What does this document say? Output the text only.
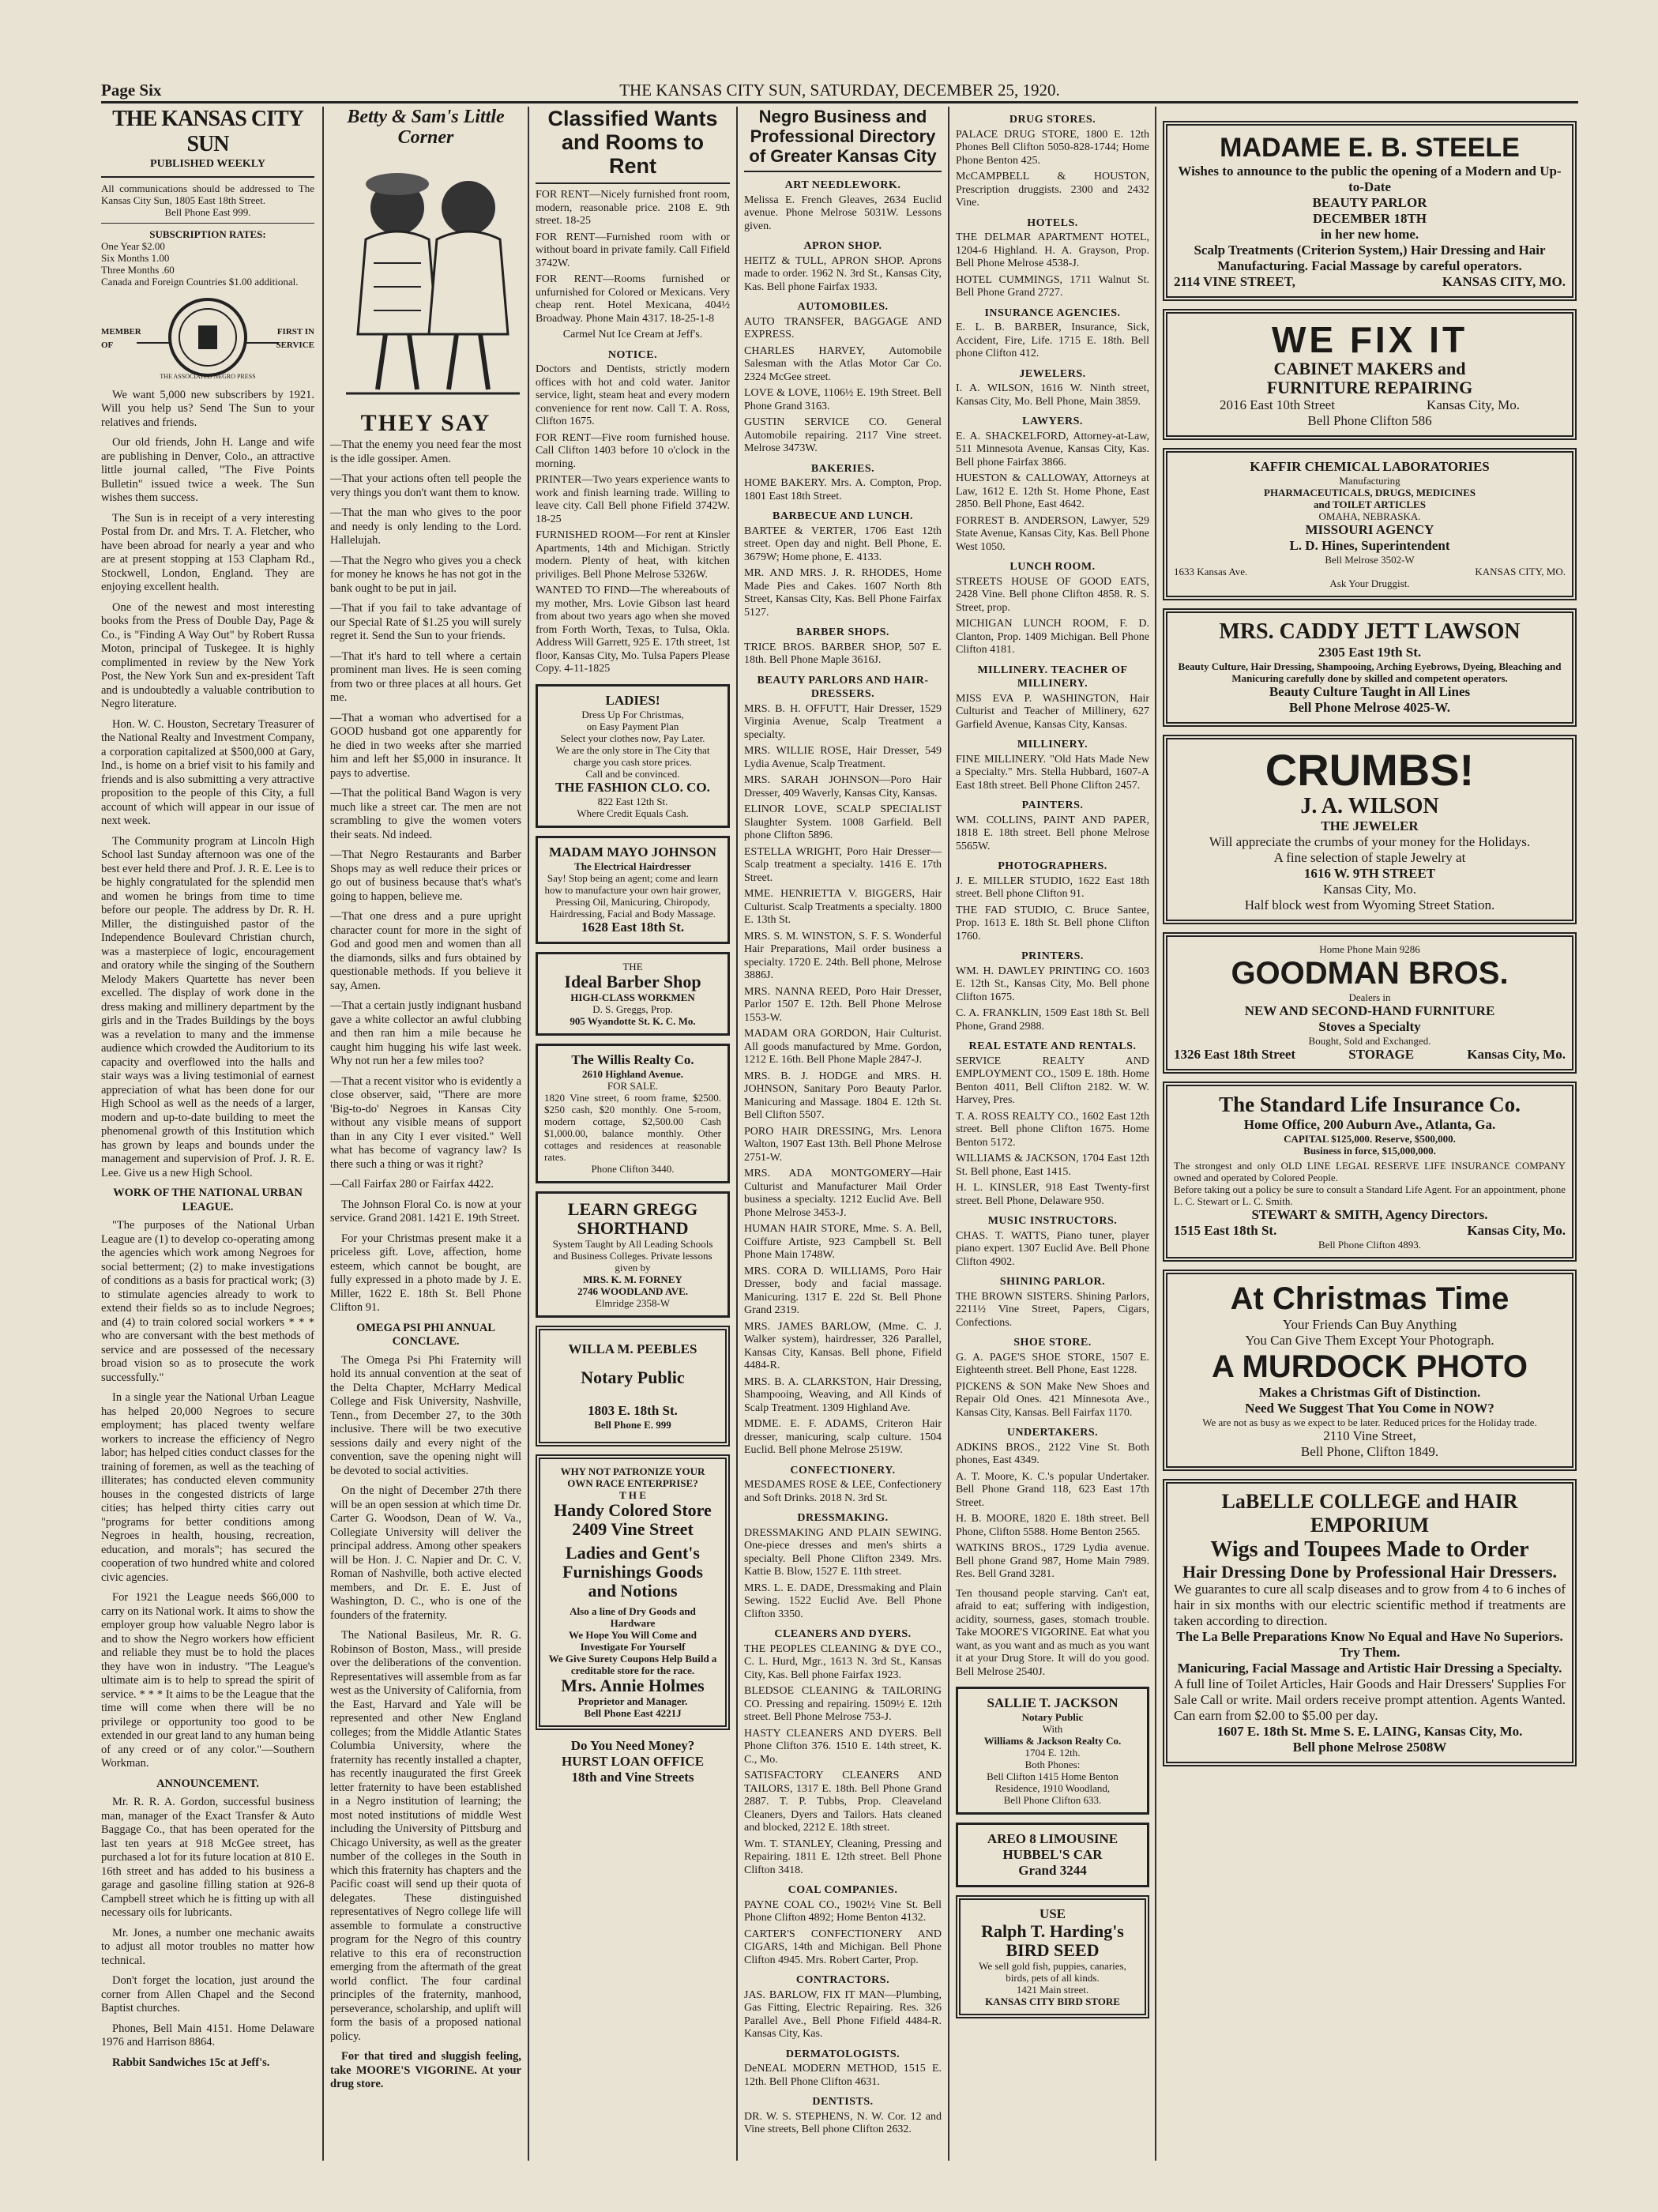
Page Six	THE KANSAS CITY SUN, SATURDAY, DECEMBER 25, 1920.
THE KANSAS CITY SUN
PUBLISHED WEEKLY
All communications should be addressed to The Kansas City Sun, 1805 East 18th Street.
Bell Phone East 999.
SUBSCRIPTION RATES:
One Year $2.00
Six Months 1.00
Three Months .60
Canada and Foreign Countries $1.00 additional.
MEMBER OF
FIRST IN SERVICE
THE ASSOCIATED NEGRO PRESS
We want 5,000 new subscribers by 1921. Will you help us? Send The Sun to your relatives and friends.
Our old friends, John H. Lange and wife are publishing in Denver, Colo., an attractive little journal called, "The Five Points Bulletin" issued twice a week. The Sun wishes them success.
The Sun is in receipt of a very interesting Postal from Dr. and Mrs. T. A. Fletcher, who have been abroad for nearly a year and who are at present stopping at 153 Clapham Rd., Stockwell, London, England. They are enjoying excellent health.
One of the newest and most interesting books from the Press of Double Day, Page & Co., is "Finding A Way Out" by Robert Russa Moton, principal of Tuskegee. It is highly complimented in review by the New York Post, the New York Sun and ex-president Taft and is undoubtedly a valuable contribution to Negro literature.
Hon. W. C. Houston, Secretary Treasurer of the National Realty and Investment Company, a corporation capitalized at $500,000 at Gary, Ind., is home on a brief visit to his family and friends and is also submitting a very attractive proposition to the people of this City, a full account of which will appear in our issue of next week.
The Community program at Lincoln High School last Sunday afternoon was one of the best ever held there and Prof. J. R. E. Lee is to be highly congratulated for the splendid men and women he brings from time to time before our people. The address by Dr. R. H. Miller, the distinguished pastor of the Independence Boulevard Christian church, was a masterpiece of logic, encouragement and oratory while the singing of the Southern Melody Makers Quartette has never been excelled. The display of work done in the dress making and millinery department by the girls and in the Trades Buildings by the boys was a revelation to many and the immense audience which crowded the Auditorium to its capacity and overflowed into the halls and stair ways was a living testimonial of earnest appreciation of what has been done for our High School as well as the needs of a larger, modern and up-to-date building to meet the phenomenal growth of this Institution which has grown by leaps and bounds under the management and supervision of Prof. J. R. E. Lee. Give us a new High School.
WORK OF THE NATIONAL URBAN LEAGUE.
"The purposes of the National Urban League are (1) to develop co-operating among the agencies which work among Negroes for social betterment; (2) to make investigations of conditions as a basis for practical work; (3) to stimulate agencies already to work to extend their fields so as to include Negroes; and (4) to train colored social workers * * * who are conversant with the best methods of service and are possessed of the necessary broad vision so as to prosecute the work successfully."
In a single year the National Urban League has helped 20,000 Negroes to secure employment; has placed twenty welfare workers to increase the efficiency of Negro labor; has helped cities conduct classes for the training of foremen, as well as the teaching of illiterates; has conducted eleven community houses in the congested districts of large cities; has helped thirty cities carry out "programs for better conditions among Negroes in health, housing, recreation, education, and morals"; has secured the cooperation of two hundred white and colored civic agencies.
For 1921 the League needs $66,000 to carry on its National work. It aims to show the employer group how valuable Negro labor is and to show the Negro workers how efficient and reliable they must be to hold the places they have won in industry. "The League's ultimate aim is to help to spread the spirit of service. * * * It aims to be the League that the time will come when there will be no privilege or opportunity too good to be extended in our great land to any human being of any creed or of any color."—Southern Workman.
ANNOUNCEMENT.
Mr. R. R. A. Gordon, successful business man, manager of the Exact Transfer & Auto Baggage Co., that has been operated for the last ten years at 918 McGee street, has purchased a lot for its future location at 810 E. 16th street and has added to his business a garage and gasoline filling station at 926-8 Campbell street which he is fitting up with all necessary oils for lubricants.
Mr. Jones, a number one mechanic awaits to adjust all motor troubles no matter how technical.
Don't forget the location, just around the corner from Allen Chapel and the Second Baptist churches.
Phones, Bell Main 4151. Home Delaware 1976 and Harrison 8864.
Rabbit Sandwiches 15c at Jeff's.
Betty & Sam's Little Corner
THEY SAY
—That the enemy you need fear the most is the idle gossiper. Amen.
—That your actions often tell people the very things you don't want them to know.
—That the man who gives to the poor and needy is only lending to the Lord. Hallelujah.
—That the Negro who gives you a check for money he knows he has not got in the bank ought to be put in jail.
—That if you fail to take advantage of our Special Rate of $1.25 you will surely regret it. Send the Sun to your friends.
—That it's hard to tell where a certain prominent man lives. He is seen coming from two or three places at all hours. Get me.
—That a woman who advertised for a GOOD husband got one apparently for he died in two weeks after she married him and left her $5,000 in insurance. It pays to advertise.
—That the political Band Wagon is very much like a street car. The men are not scrambling to give the women voters their seats. Nd indeed.
—That Negro Restaurants and Barber Shops may as well reduce their prices or go out of business because that's what's going to happen, believe me.
—That one dress and a pure upright character count for more in the sight of God and good men and women than all the diamonds, silks and furs obtained by questionable methods. If you believe it say, Amen.
—That a certain justly indignant husband gave a white collector an awful clubbing and then ran him a mile because he caught him hugging his wife last week. Why not run her a few miles too?
—That a recent visitor who is evidently a close observer, said, "There are more 'Big-to-do' Negroes in Kansas City without any visible means of support than in any City I ever visited." Well what has become of vagrancy law? Is there such a thing or was it right?
—Call Fairfax 280 or Fairfax 4422.
The Johnson Floral Co. is now at your service. Grand 2081. 1421 E. 19th Street.
For your Christmas present make it a priceless gift. Love, affection, home esteem, which cannot be bought, are fully expressed in a photo made by J. E. Miller, 1622 E. 18th St. Bell Phone Clifton 91.
OMEGA PSI PHI ANNUAL CONCLAVE.
The Omega Psi Phi Fraternity will hold its annual convention at the seat of the Delta Chapter, McHarry Medical College and Fisk University, Nashville, Tenn., from December 27, to the 30th inclusive. There will be two executive sessions daily and every night of the convention, save the opening night will be devoted to social activities.
On the night of December 27th there will be an open session at which time Dr. Carter G. Woodson, Dean of W. Va., Collegiate University will deliver the principal address. Among other speakers will be Hon. J. C. Napier and Dr. C. V. Roman of Nashville, both active elected members, and Dr. E. E. Just of Washington, D. C., who is one of the founders of the fraternity.
The National Basileus, Mr. R. G. Robinson of Boston, Mass., will preside over the deliberations of the convention. Representatives will assemble from as far west as the University of California, from the East, Harvard and Yale will be represented and other New England colleges; from the Middle Atlantic States Columbia University, where the fraternity has recently installed a chapter, has recently inaugurated the first Greek letter fraternity to have been established in a Negro institution of learning; the most noted institutions of middle West including the University of Pittsburg and Chicago University, as well as the greater number of the colleges in the South in which this fraternity has chapters and the Pacific coast will send up their quota of delegates. These distinguished representatives of Negro college life will assemble to formulate a constructive program for the Negro of this country relative to this era of reconstruction emerging from the aftermath of the great world conflict. The four cardinal principles of the fraternity, manhood, perseverance, scholarship, and uplift will form the basis of a proposed national policy.
For that tired and sluggish feeling, take MOORE'S VIGORINE. At your drug store.
Classified Wants and Rooms to Rent
FOR RENT—Nicely furnished front room, modern, reasonable price. 2108 E. 9th street. 18-25
FOR RENT—Furnished room with or without board in private family. Call Fifield 3742W.
FOR RENT—Rooms furnished or unfurnished for Colored or Mexicans. Very cheap rent. Hotel Mexicana, 404½ Broadway. Phone Main 4317. 18-25-1-8
Carmel Nut Ice Cream at Jeff's.
NOTICE.
Doctors and Dentists, strictly modern offices with hot and cold water. Janitor service, light, steam heat and every modern convenience for rent now. Call T. A. Ross, Clifton 1675.
FOR RENT—Five room furnished house. Call Clifton 1403 before 10 o'clock in the morning.
PRINTER—Two years experience wants to work and finish learning trade. Willing to leave city. Call Bell phone Fifield 3742W. 18-25
FURNISHED ROOM—For rent at Kinsler Apartments, 14th and Michigan. Strictly modern. Plenty of heat, with kitchen priviliges. Bell Phone Melrose 5326W.
WANTED TO FIND—The whereabouts of my mother, Mrs. Lovie Gibson last heard from about two years ago when she moved from Forth Worth, Texas, to Tulsa, Okla. Address Will Garrett, 925 E. 17th street, 1st floor, Kansas City, Mo. Tulsa Papers Please Copy. 4-11-1825
LADIES!
Dress Up For Christmas,
on Easy Payment Plan
Select your clothes now, Pay Later.
We are the only store in The City that charge you cash store prices.
Call and be convinced.
THE FASHION CLO. CO.
822 East 12th St.
Where Credit Equals Cash.
MADAM MAYO JOHNSON
The Electrical Hairdresser
Say! Stop being an agent; come and learn how to manufacture your own hair grower, Pressing Oil, Manicuring, Chiropody, Hairdressing, Facial and Body Massage.
1628 East 18th St.
THE
Ideal Barber Shop
HIGH-CLASS WORKMEN
D. S. Greggs, Prop.
905 Wyandotte St. K. C. Mo.
The Willis Realty Co.
2610 Highland Avenue.
FOR SALE.
1820 Vine street, 6 room frame, $2500. $250 cash, $20 monthly. One 5-room, modern cottage, $2,500.00 Cash $1,000.00, balance monthly. Other cottages and residences at reasonable rates.
Phone Clifton 3440.
LEARN GREGG
SHORTHAND
System Taught by All Leading Schools and Business Colleges. Private lessons given by
MRS. K. M. FORNEY
2746 WOODLAND AVE.
Elmridge 2358-W
WILLA M. PEEBLES
Notary Public
1803 E. 18th St.
Bell Phone E. 999
WHY NOT PATRONIZE YOUR OWN RACE ENTERPRISE?
T H E
Handy Colored Store
2409 Vine Street
Ladies and Gent's Furnishings Goods and Notions
Also a line of Dry Goods and Hardware
We Hope You Will Come and Investigate For Yourself
We Give Surety Coupons Help Build a creditable store for the race.
Mrs. Annie Holmes
Proprietor and Manager.
Bell Phone East 4221J
Do You Need Money?
HURST LOAN OFFICE
18th and Vine Streets
Negro Business and Professional Directory of Greater Kansas City
ART NEEDLEWORK.
Melissa E. French Gleaves, 2634 Euclid avenue. Phone Melrose 5031W. Lessons given.
APRON SHOP.
HEITZ & TULL, APRON SHOP. Aprons made to order. 1962 N. 3rd St., Kansas City, Kas. Bell phone Fairfax 1933.
AUTOMOBILES.
AUTO TRANSFER, BAGGAGE AND EXPRESS.
CHARLES HARVEY, Automobile Salesman with the Atlas Motor Car Co. 2324 McGee street.
LOVE & LOVE, 1106½ E. 19th Street. Bell Phone Grand 3163.
GUSTIN SERVICE CO. General Automobile repairing. 2117 Vine street. Melrose 3473W.
BAKERIES.
HOME BAKERY. Mrs. A. Compton, Prop. 1801 East 18th Street.
BARBECUE AND LUNCH.
BARTEE & VERTER, 1706 East 12th street. Open day and night. Bell Phone, E. 3679W; Home phone, E. 4133.
MR. AND MRS. J. R. RHODES, Home Made Pies and Cakes. 1607 North 8th Street, Kansas City, Kas. Bell Phone Fairfax 5127.
BARBER SHOPS.
TRICE BROS. BARBER SHOP, 507 E. 18th. Bell Phone Maple 3616J.
BEAUTY PARLORS AND HAIR-DRESSERS.
MRS. B. H. OFFUTT, Hair Dresser, 1529 Virginia Avenue, Scalp Treatment a specialty.
MRS. WILLIE ROSE, Hair Dresser, 549 Lydia Avenue, Scalp Treatment.
MRS. SARAH JOHNSON—Poro Hair Dresser, 409 Waverly, Kansas City, Kansas.
ELINOR LOVE, SCALP SPECIALIST Slaughter System. 1008 Garfield. Bell phone Clifton 5896.
ESTELLA WRIGHT, Poro Hair Dresser—Scalp treatment a specialty. 1416 E. 17th Street.
MME. HENRIETTA V. BIGGERS, Hair Culturist. Scalp Treatments a specialty. 1800 E. 13th St.
MRS. S. M. WINSTON, S. F. S. Wonderful Hair Preparations, Mail order business a specialty. 1720 E. 24th. Bell phone, Melrose 3886J.
MRS. NANNA REED, Poro Hair Dresser, Parlor 1507 E. 12th. Bell Phone Melrose 1553-W.
MADAM ORA GORDON, Hair Culturist. All goods manufactured by Mme. Gordon, 1212 E. 16th. Bell Phone Maple 2847-J.
MRS. B. J. HODGE and MRS. H. JOHNSON, Sanitary Poro Beauty Parlor. Manicuring and Massage. 1804 E. 12th St. Bell Clifton 5507.
PORO HAIR DRESSING, Mrs. Lenora Walton, 1907 East 13th. Bell Phone Melrose 2751-W.
MRS. ADA MONTGOMERY—Hair Culturist and Manufacturer Mail Order business a specialty. 1212 Euclid Ave. Bell Phone Melrose 3453-J.
HUMAN HAIR STORE, Mme. S. A. Bell, Coiffure Artiste, 923 Campbell St. Bell Phone Main 1748W.
MRS. CORA D. WILLIAMS, Poro Hair Dresser, body and facial massage. Manicuring. 1317 E. 22d St. Bell Phone Grand 2319.
MRS. JAMES BARLOW, (Mme. C. J. Walker system), hairdresser, 326 Parallel, Kansas City, Kansas. Bell phone, Fifield 4484-R.
MRS. B. A. CLARKSTON, Hair Dressing, Shampooing, Weaving, and All Kinds of Scalp Treatment. 1309 Highland Ave.
MDME. E. F. ADAMS, Criteron Hair dresser, manicuring, scalp culture. 1504 Euclid. Bell phone Melrose 2519W.
CONFECTIONERY.
MESDAMES ROSE & LEE, Confectionery and Soft Drinks. 2018 N. 3rd St.
DRESSMAKING.
DRESSMAKING AND PLAIN SEWING. One-piece dresses and men's shirts a specialty. Bell Phone Clifton 2349. Mrs. Kattie B. Blow, 1527 E. 11th street.
MRS. L. E. DADE, Dressmaking and Plain Sewing. 1522 Euclid Ave. Bell Phone Clifton 3350.
CLEANERS AND DYERS.
THE PEOPLES CLEANING & DYE CO., C. L. Hurd, Mgr., 1613 N. 3rd St., Kansas City, Kas. Bell phone Fairfax 1923.
BLEDSOE CLEANING & TAILORING CO. Pressing and repairing. 1509½ E. 12th street. Bell Phone Melrose 753-J.
HASTY CLEANERS AND DYERS. Bell Phone Clifton 376. 1510 E. 14th street, K. C., Mo.
SATISFACTORY CLEANERS AND TAILORS, 1317 E. 18th. Bell Phone Grand 2887. T. P. Tubbs, Prop. Cleaveland Cleaners, Dyers and Tailors. Hats cleaned and blocked, 2212 E. 18th street.
Wm. T. STANLEY, Cleaning, Pressing and Repairing. 1811 E. 12th street. Bell Phone Clifton 3418.
COAL COMPANIES.
PAYNE COAL CO., 1902½ Vine St. Bell Phone Clifton 4892; Home Benton 4132.
CARTER'S CONFECTIONERY AND CIGARS, 14th and Michigan. Bell Phone Clifton 4945. Mrs. Robert Carter, Prop.
CONTRACTORS.
JAS. BARLOW, FIX IT MAN—Plumbing, Gas Fitting, Electric Repairing. Res. 326 Parallel Ave., Bell Phone Fifield 4484-R. Kansas City, Kas.
DERMATOLOGISTS.
DeNEAL MODERN METHOD, 1515 E. 12th. Bell Phone Clifton 4631.
DENTISTS.
DR. W. S. STEPHENS, N. W. Cor. 12 and Vine streets, Bell phone Clifton 2632.
DRUG STORES.
PALACE DRUG STORE, 1800 E. 12th Phones Bell Clifton 5050-828-1744; Home Phone Benton 425.
McCAMPBELL & HOUSTON, Prescription druggists. 2300 and 2432 Vine.
HOTELS.
THE DELMAR APARTMENT HOTEL, 1204-6 Highland. H. A. Grayson, Prop. Bell Phone Melrose 4538-J.
HOTEL CUMMINGS, 1711 Walnut St. Bell Phone Grand 2727.
INSURANCE AGENCIES.
E. L. B. BARBER, Insurance, Sick, Accident, Fire, Life. 1715 E. 18th. Bell phone Clifton 412.
JEWELERS.
I. A. WILSON, 1616 W. Ninth street, Kansas City, Mo. Bell Phone, Main 3859.
LAWYERS.
E. A. SHACKELFORD, Attorney-at-Law, 511 Minnesota Avenue, Kansas City, Kas. Bell phone Fairfax 3866.
HUESTON & CALLOWAY, Attorneys at Law, 1612 E. 12th St. Home Phone, East 2850. Bell Phone, East 4642.
FORREST B. ANDERSON, Lawyer, 529 State Avenue, Kansas City, Kas. Bell Phone West 1050.
LUNCH ROOM.
STREETS HOUSE OF GOOD EATS, 2428 Vine. Bell phone Clifton 4858. R. S. Street, prop.
MICHIGAN LUNCH ROOM, F. D. Clanton, Prop. 1409 Michigan. Bell Phone Clifton 4181.
MILLINERY. TEACHER OF MILLINERY.
MISS EVA P. WASHINGTON, Hair Culturist and Teacher of Millinery, 627 Garfield Avenue, Kansas City, Kansas.
MILLINERY.
FINE MILLINERY. "Old Hats Made New a Specialty." Mrs. Stella Hubbard, 1607-A East 18th street. Bell Phone Clifton 2457.
PAINTERS.
WM. COLLINS, PAINT AND PAPER, 1818 E. 18th street. Bell phone Melrose 5565W.
PHOTOGRAPHERS.
J. E. MILLER STUDIO, 1622 East 18th street. Bell phone Clifton 91.
THE FAD STUDIO, C. Bruce Santee, Prop. 1613 E. 18th St. Bell phone Clifton 1760.
PRINTERS.
WM. H. DAWLEY PRINTING CO. 1603 E. 12th St., Kansas City, Mo. Bell phone Clifton 1675.
C. A. FRANKLIN, 1509 East 18th St. Bell Phone, Grand 2988.
REAL ESTATE AND RENTALS.
SERVICE REALTY AND EMPLOYMENT CO., 1509 E. 18th. Home Benton 4011, Bell Clifton 2182. W. W. Harvey, Pres.
T. A. ROSS REALTY CO., 1602 East 12th street. Bell phone Clifton 1675. Home Benton 5172.
WILLIAMS & JACKSON, 1704 East 12th St. Bell phone, East 1415.
H. L. KINSLER, 918 East Twenty-first street. Bell Phone, Delaware 950.
MUSIC INSTRUCTORS.
CHAS. T. WATTS, Piano tuner, player piano expert. 1307 Euclid Ave. Bell Phone Clifton 4902.
SHINING PARLOR.
THE BROWN SISTERS. Shining Parlors, 2211½ Vine Street, Papers, Cigars, Confections.
SHOE STORE.
G. A. PAGE'S SHOE STORE, 1507 E. Eighteenth street. Bell Phone, East 1228.
PICKENS & SON Make New Shoes and Repair Old Ones. 421 Minnesota Ave., Kansas City, Kansas. Bell Fairfax 1170.
UNDERTAKERS.
ADKINS BROS., 2122 Vine St. Both phones, East 4349.
A. T. Moore, K. C.'s popular Undertaker. Bell Phone Grand 118, 623 East 17th Street.
H. B. MOORE, 1820 E. 18th street. Bell Phone, Clifton 5588. Home Benton 2565.
WATKINS BROS., 1729 Lydia avenue. Bell phone Grand 987, Home Main 7989. Res. Bell Grand 3281.
Ten thousand people starving. Can't eat, afraid to eat; suffering with indigestion, acidity, sourness, gases, stomach trouble. Take MOORE'S VIGORINE. Eat what you want, as you want and as much as you want it at your Drug Store. It will do you good. Bell Melrose 2540J.
SALLIE T. JACKSON
Notary Public
With
Williams & Jackson Realty Co.
1704 E. 12th.
Both Phones:
Bell Clifton 1415 Home Benton
Residence, 1910 Woodland,
Bell Phone Clifton 633.
AREO 8 LIMOUSINE
HUBBEL'S CAR
Grand 3244
USE
Ralph T. Harding's
BIRD SEED
We sell gold fish, puppies, canaries, birds, pets of all kinds.
1421 Main street.
KANSAS CITY BIRD STORE
MADAME E. B. STEELE
Wishes to announce to the public the opening of a Modern and Up-to-Date
BEAUTY PARLOR
DECEMBER 18TH
in her new home.
Scalp Treatments (Criterion System,) Hair Dressing and Hair Manufacturing. Facial Massage by careful operators.
2114 VINE STREET,	KANSAS CITY, MO.
WE FIX IT
CABINET MAKERS and
FURNITURE REPAIRING
2016 East 10th Street	Kansas City, Mo.
Bell Phone Clifton 586
KAFFIR CHEMICAL LABORATORIES
Manufacturing
PHARMACEUTICALS, DRUGS, MEDICINES
and TOILET ARTICLES
OMAHA, NEBRASKA.
MISSOURI AGENCY
L. D. Hines, Superintendent
Bell Melrose 3502-W
1633 Kansas Ave.	KANSAS CITY, MO.
Ask Your Druggist.
MRS. CADDY JETT LAWSON
2305 East 19th St.
Beauty Culture, Hair Dressing, Shampooing, Arching Eyebrows, Dyeing, Bleaching and Manicuring carefully done by skilled and competent operators.
Beauty Culture Taught in All Lines
Bell Phone Melrose 4025-W.
CRUMBS!
J. A. WILSON
THE JEWELER
Will appreciate the crumbs of your money for the Holidays.
A fine selection of staple Jewelry at
1616 W. 9TH STREET
Kansas City, Mo.
Half block west from Wyoming Street Station.
Home Phone Main 9286
GOODMAN BROS.
Dealers in
NEW AND SECOND-HAND FURNITURE
Stoves a Specialty
Bought, Sold and Exchanged.
1326 East 18th Street	STORAGE	Kansas City, Mo.
The Standard Life Insurance Co.
Home Office, 200 Auburn Ave., Atlanta, Ga.
CAPITAL $125,000. Reserve, $500,000.
Business in force, $15,000,000.
The strongest and only OLD LINE LEGAL RESERVE LIFE INSURANCE COMPANY owned and operated by Colored People.
Before taking out a policy be sure to consult a Standard Life Agent. For an appointment, phone L. C. Stewart or L. C. Smith.
STEWART & SMITH, Agency Directors.
1515 East 18th St.	Kansas City, Mo.
Bell Phone Clifton 4893.
At Christmas Time
Your Friends Can Buy Anything
You Can Give Them Except Your Photograph.
A MURDOCK PHOTO
Makes a Christmas Gift of Distinction.
Need We Suggest That You Come in NOW?
We are not as busy as we expect to be later. Reduced prices for the Holiday trade.
2110 Vine Street,
Bell Phone, Clifton 1849.
LaBELLE COLLEGE and HAIR EMPORIUM
Wigs and Toupees Made to Order
Hair Dressing Done by Professional Hair Dressers.
We guarantes to cure all scalp diseases and to grow from 4 to 6 inches of hair in six months with our electric scientific method if treatments are taken according to direction.
The La Belle Preparations Know No Equal and Have No Superiors. Try Them.
Manicuring, Facial Massage and Artistic Hair Dressing a Specialty.
A full line of Toilet Articles, Hair Goods and Hair Dressers' Supplies For Sale Call or write. Mail orders receive prompt attention. Agents Wanted. Can earn from $2.00 to $5.00 per day.
1607 E. 18th St. Mme S. E. LAING, Kansas City, Mo.
Bell phone Melrose 2508W
